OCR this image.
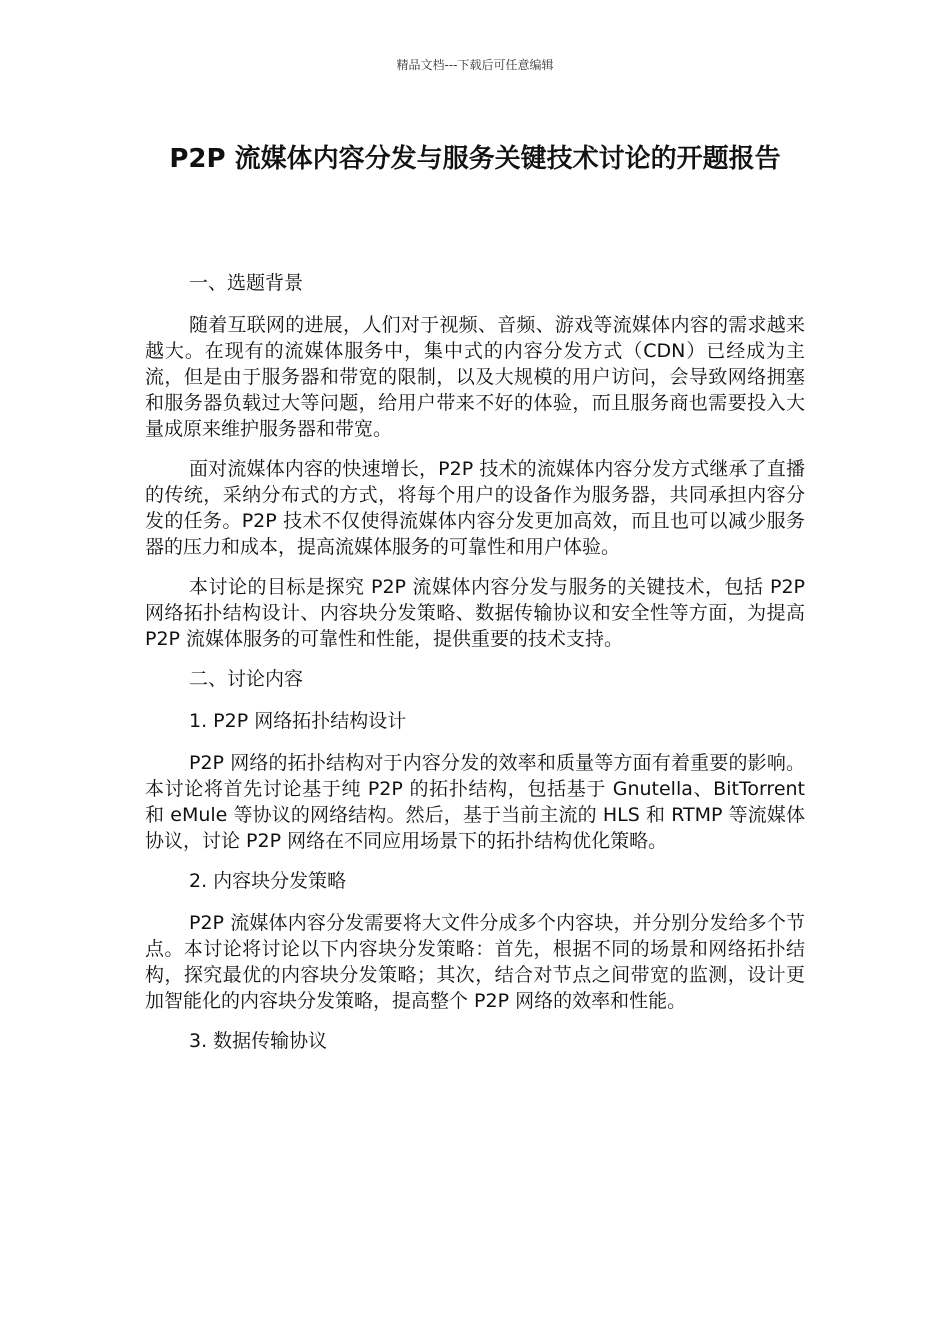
精品文档---下载后可任意编辑
P2P 流媒体内容分发与服务关键技术讨论的开题报告

一、选题背景

随着互联网的进展，人们对于视频、音频、游戏等流媒体内容的需求越来越大。在现有的流媒体服务中，集中式的内容分发方式（CDN）已经成为主流，但是由于服务器和带宽的限制，以及大规模的用户访问，会导致网络拥塞和服务器负载过大等问题，给用户带来不好的体验，而且服务商也需要投入大量成原来维护服务器和带宽。

面对流媒体内容的快速增长，P2P 技术的流媒体内容分发方式继承了直播的传统，采纳分布式的方式，将每个用户的设备作为服务器，共同承担内容分发的任务。P2P 技术不仅使得流媒体内容分发更加高效，而且也可以减少服务器的压力和成本，提高流媒体服务的可靠性和用户体验。

本讨论的目标是探究 P2P 流媒体内容分发与服务的关键技术，包括 P2P 网络拓扑结构设计、内容块分发策略、数据传输协议和安全性等方面，为提高 P2P 流媒体服务的可靠性和性能，提供重要的技术支持。

二、讨论内容

1. P2P 网络拓扑结构设计

P2P 网络的拓扑结构对于内容分发的效率和质量等方面有着重要的影响。本讨论将首先讨论基于纯 P2P 的拓扑结构，包括基于 Gnutella、BitTorrent 和 eMule 等协议的网络结构。然后，基于当前主流的 HLS 和 RTMP 等流媒体协议，讨论 P2P 网络在不同应用场景下的拓扑结构优化策略。

2. 内容块分发策略

P2P 流媒体内容分发需要将大文件分成多个内容块，并分别分发给多个节点。本讨论将讨论以下内容块分发策略：首先，根据不同的场景和网络拓扑结构，探究最优的内容块分发策略；其次，结合对节点之间带宽的监测，设计更加智能化的内容块分发策略，提高整个 P2P 网络的效率和性能。

3. 数据传输协议
